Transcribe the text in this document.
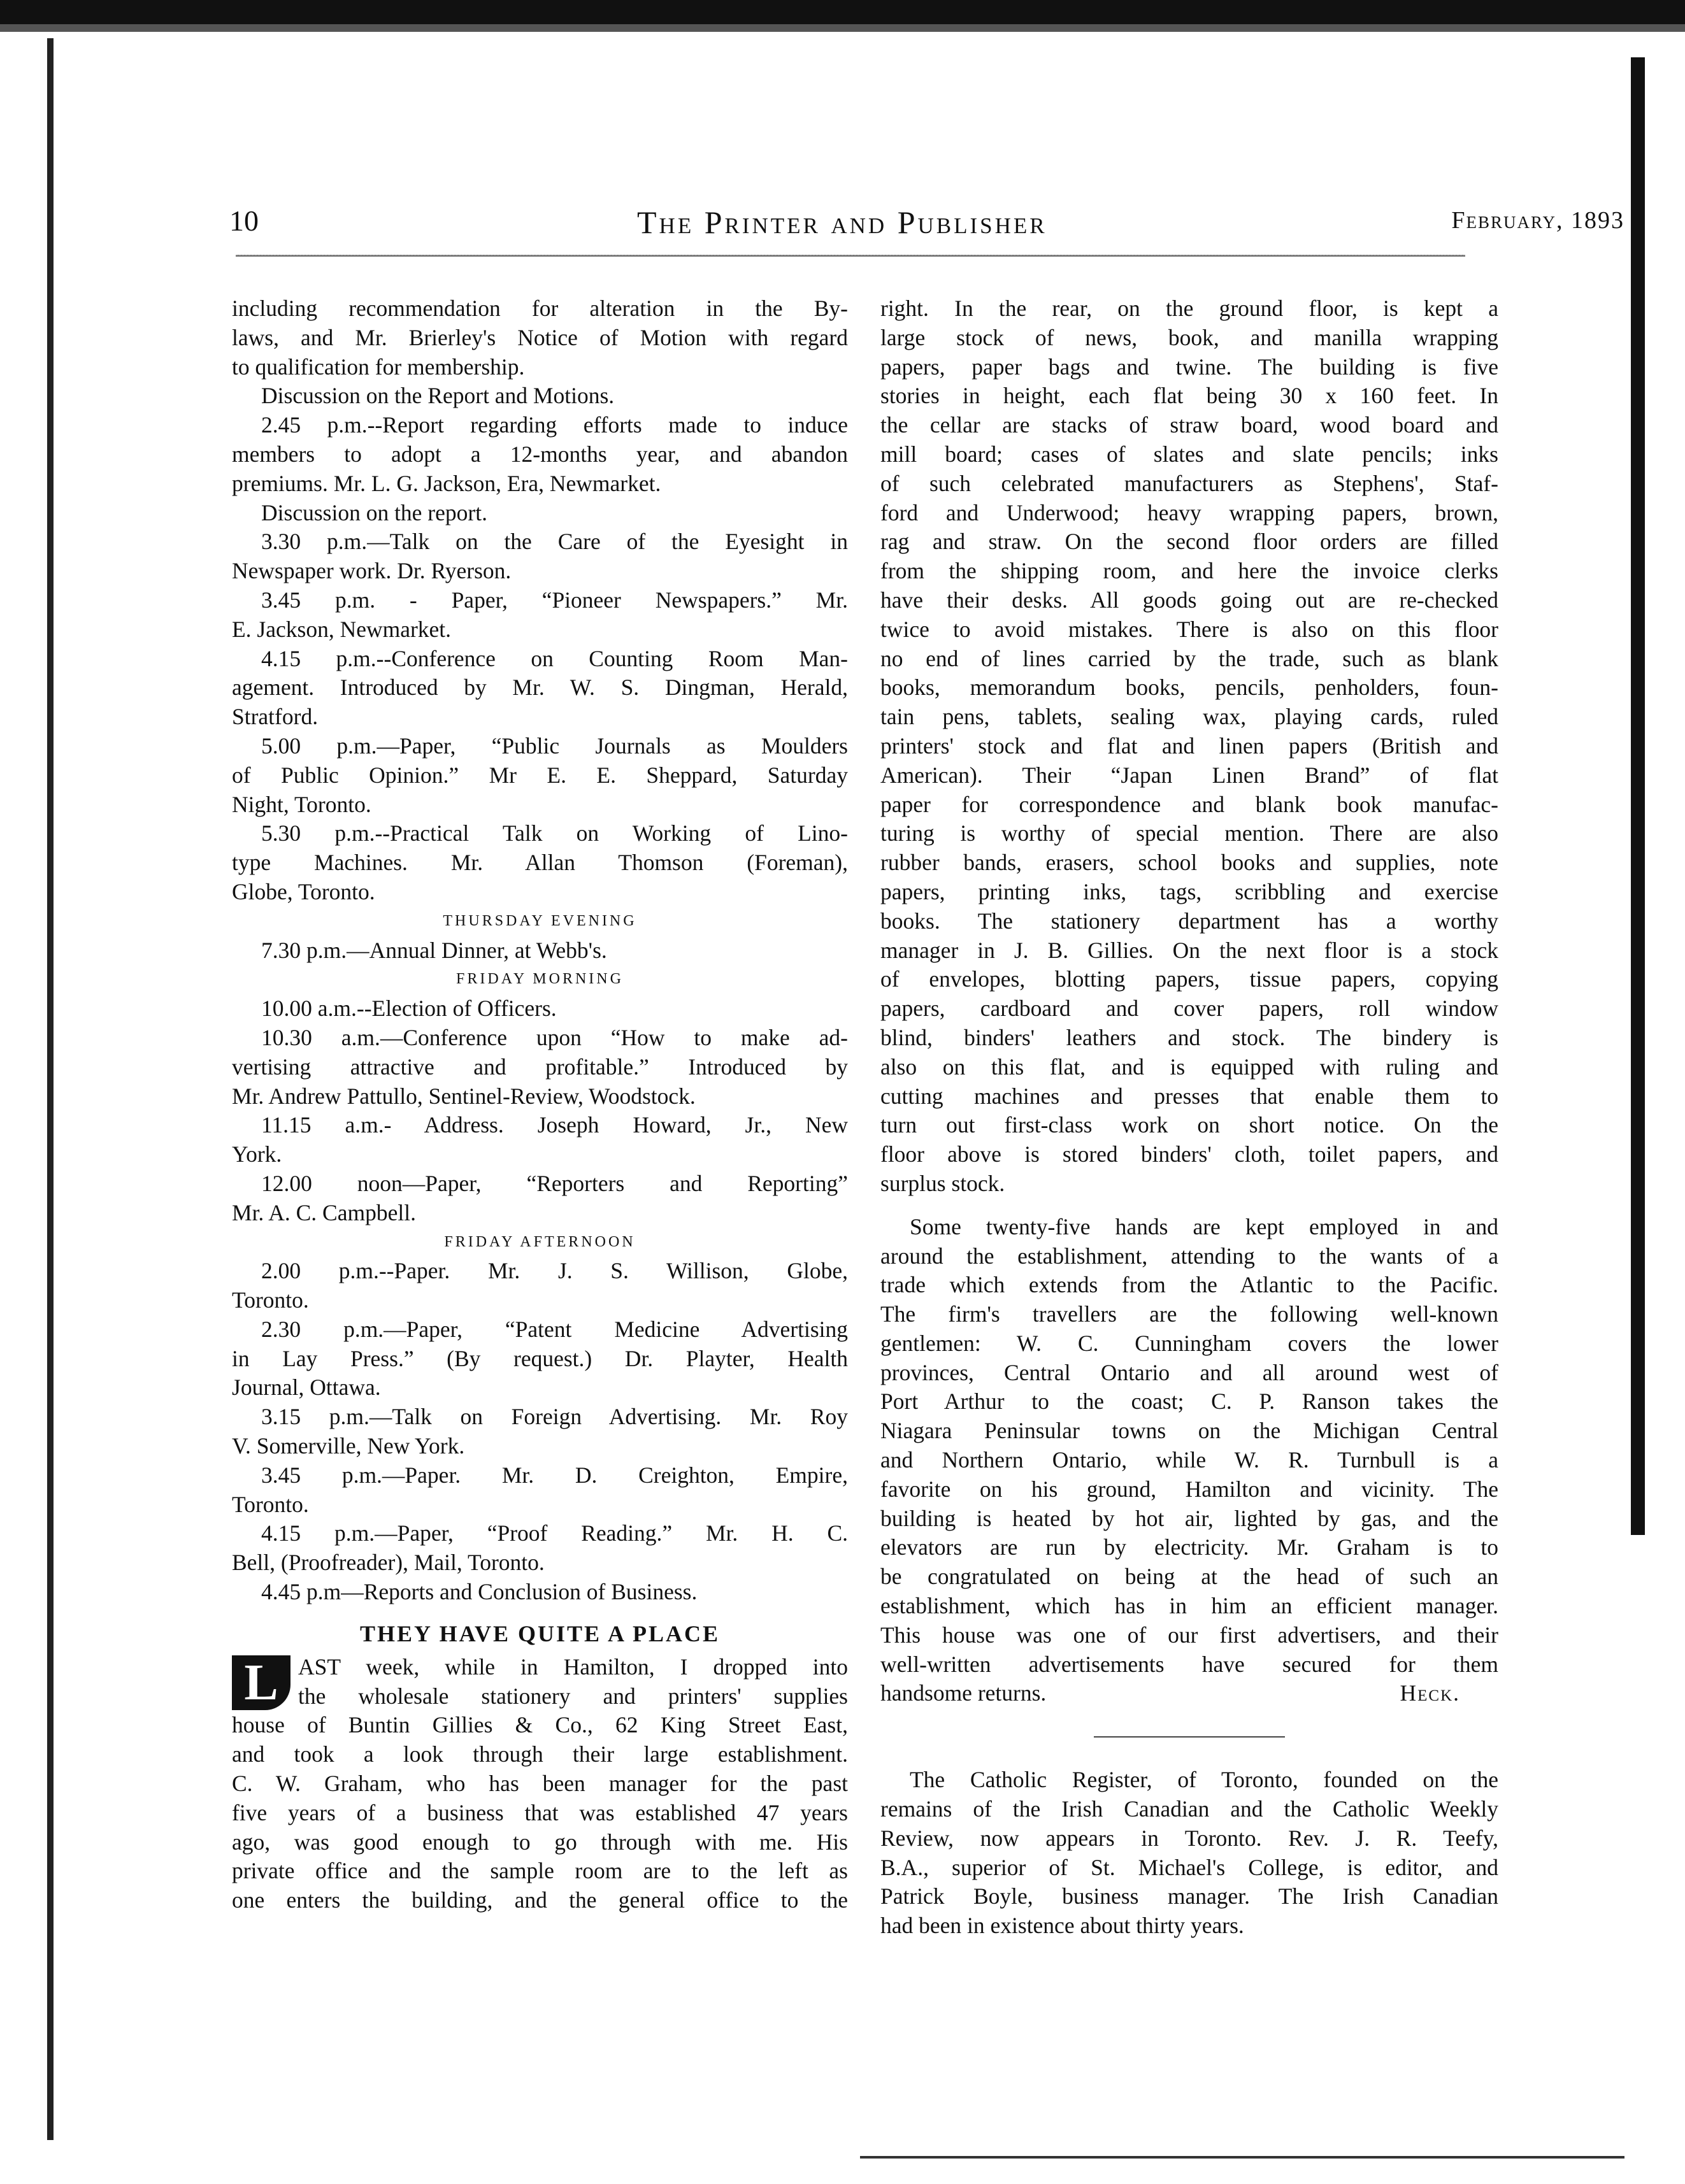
10	The Printer and Publisher	February, 1893
including recommendation for alteration in the By-
laws, and Mr. Brierley's Notice of Motion with regard
to qualification for membership.
Discussion on the Report and Motions.
2.45 p.m.--Report regarding efforts made to induce
members to adopt a 12-months year, and abandon
premiums. Mr. L. G. Jackson, Era, Newmarket.
Discussion on the report.
3.30 p.m.—Talk on the Care of the Eyesight in
Newspaper work. Dr. Ryerson.
3.45 p.m. - Paper, “Pioneer Newspapers.” Mr.
E. Jackson, Newmarket.
4.15 p.m.--Conference on Counting Room Man-
agement. Introduced by Mr. W. S. Dingman, Herald,
Stratford.
5.00 p.m.—Paper, “Public Journals as Moulders
of Public Opinion.” Mr E. E. Sheppard, Saturday
Night, Toronto.
5.30 p.m.--Practical Talk on Working of Lino-
type Machines. Mr. Allan Thomson (Foreman),
Globe, Toronto.
THURSDAY EVENING
7.30 p.m.—Annual Dinner, at Webb's.
FRIDAY MORNING
10.00 a.m.--Election of Officers.
10.30 a.m.—Conference upon “How to make ad-
vertising attractive and profitable.” Introduced by
Mr. Andrew Pattullo, Sentinel-Review, Woodstock.
11.15 a.m.- Address. Joseph Howard, Jr., New
York.
12.00 noon—Paper, “Reporters and Reporting”
Mr. A. C. Campbell.
FRIDAY AFTERNOON
2.00 p.m.--Paper. Mr. J. S. Willison, Globe,
Toronto.
2.30 p.m.—Paper, “Patent Medicine Advertising
in Lay Press.” (By request.) Dr. Playter, Health
Journal, Ottawa.
3.15 p.m.—Talk on Foreign Advertising. Mr. Roy
V. Somerville, New York.
3.45 p.m.—Paper. Mr. D. Creighton, Empire,
Toronto.
4.15 p.m.—Paper, “Proof Reading.” Mr. H. C.
Bell, (Proofreader), Mail, Toronto.
4.45 p.m—Reports and Conclusion of Business.
THEY HAVE QUITE A PLACE
L AST week, while in Hamilton, I dropped into
the wholesale stationery and printers' supplies
house of Buntin Gillies & Co., 62 King Street East,
and took a look through their large establishment.
C. W. Graham, who has been manager for the past
five years of a business that was established 47 years
ago, was good enough to go through with me. His
private office and the sample room are to the left as
one enters the building, and the general office to the
right. In the rear, on the ground floor, is kept a
large stock of news, book, and manilla wrapping
papers, paper bags and twine. The building is five
stories in height, each flat being 30 x 160 feet. In
the cellar are stacks of straw board, wood board and
mill board; cases of slates and slate pencils; inks
of such celebrated manufacturers as Stephens', Staf-
ford and Underwood; heavy wrapping papers, brown,
rag and straw. On the second floor orders are filled
from the shipping room, and here the invoice clerks
have their desks. All goods going out are re-checked
twice to avoid mistakes. There is also on this floor
no end of lines carried by the trade, such as blank
books, memorandum books, pencils, penholders, foun-
tain pens, tablets, sealing wax, playing cards, ruled
printers' stock and flat and linen papers (British and
American). Their “Japan Linen Brand” of flat
paper for correspondence and blank book manufac-
turing is worthy of special mention. There are also
rubber bands, erasers, school books and supplies, note
papers, printing inks, tags, scribbling and exercise
books. The stationery department has a worthy
manager in J. B. Gillies. On the next floor is a stock
of envelopes, blotting papers, tissue papers, copying
papers, cardboard and cover papers, roll window
blind, binders' leathers and stock. The bindery is
also on this flat, and is equipped with ruling and
cutting machines and presses that enable them to
turn out first-class work on short notice. On the
floor above is stored binders' cloth, toilet papers, and
surplus stock.
Some twenty-five hands are kept employed in and
around the establishment, attending to the wants of a
trade which extends from the Atlantic to the Pacific.
The firm's travellers are the following well-known
gentlemen: W. C. Cunningham covers the lower
provinces, Central Ontario and all around west of
Port Arthur to the coast; C. P. Ranson takes the
Niagara Peninsular towns on the Michigan Central
and Northern Ontario, while W. R. Turnbull is a
favorite on his ground, Hamilton and vicinity. The
building is heated by hot air, lighted by gas, and the
elevators are run by electricity. Mr. Graham is to
be congratulated on being at the head of such an
establishment, which has in him an efficient manager.
This house was one of our first advertisers, and their
well-written advertisements have secured for them
handsome returns.	Heck.
The Catholic Register, of Toronto, founded on the
remains of the Irish Canadian and the Catholic Weekly
Review, now appears in Toronto. Rev. J. R. Teefy,
B.A., superior of St. Michael's College, is editor, and
Patrick Boyle, business manager. The Irish Canadian
had been in existence about thirty years.
